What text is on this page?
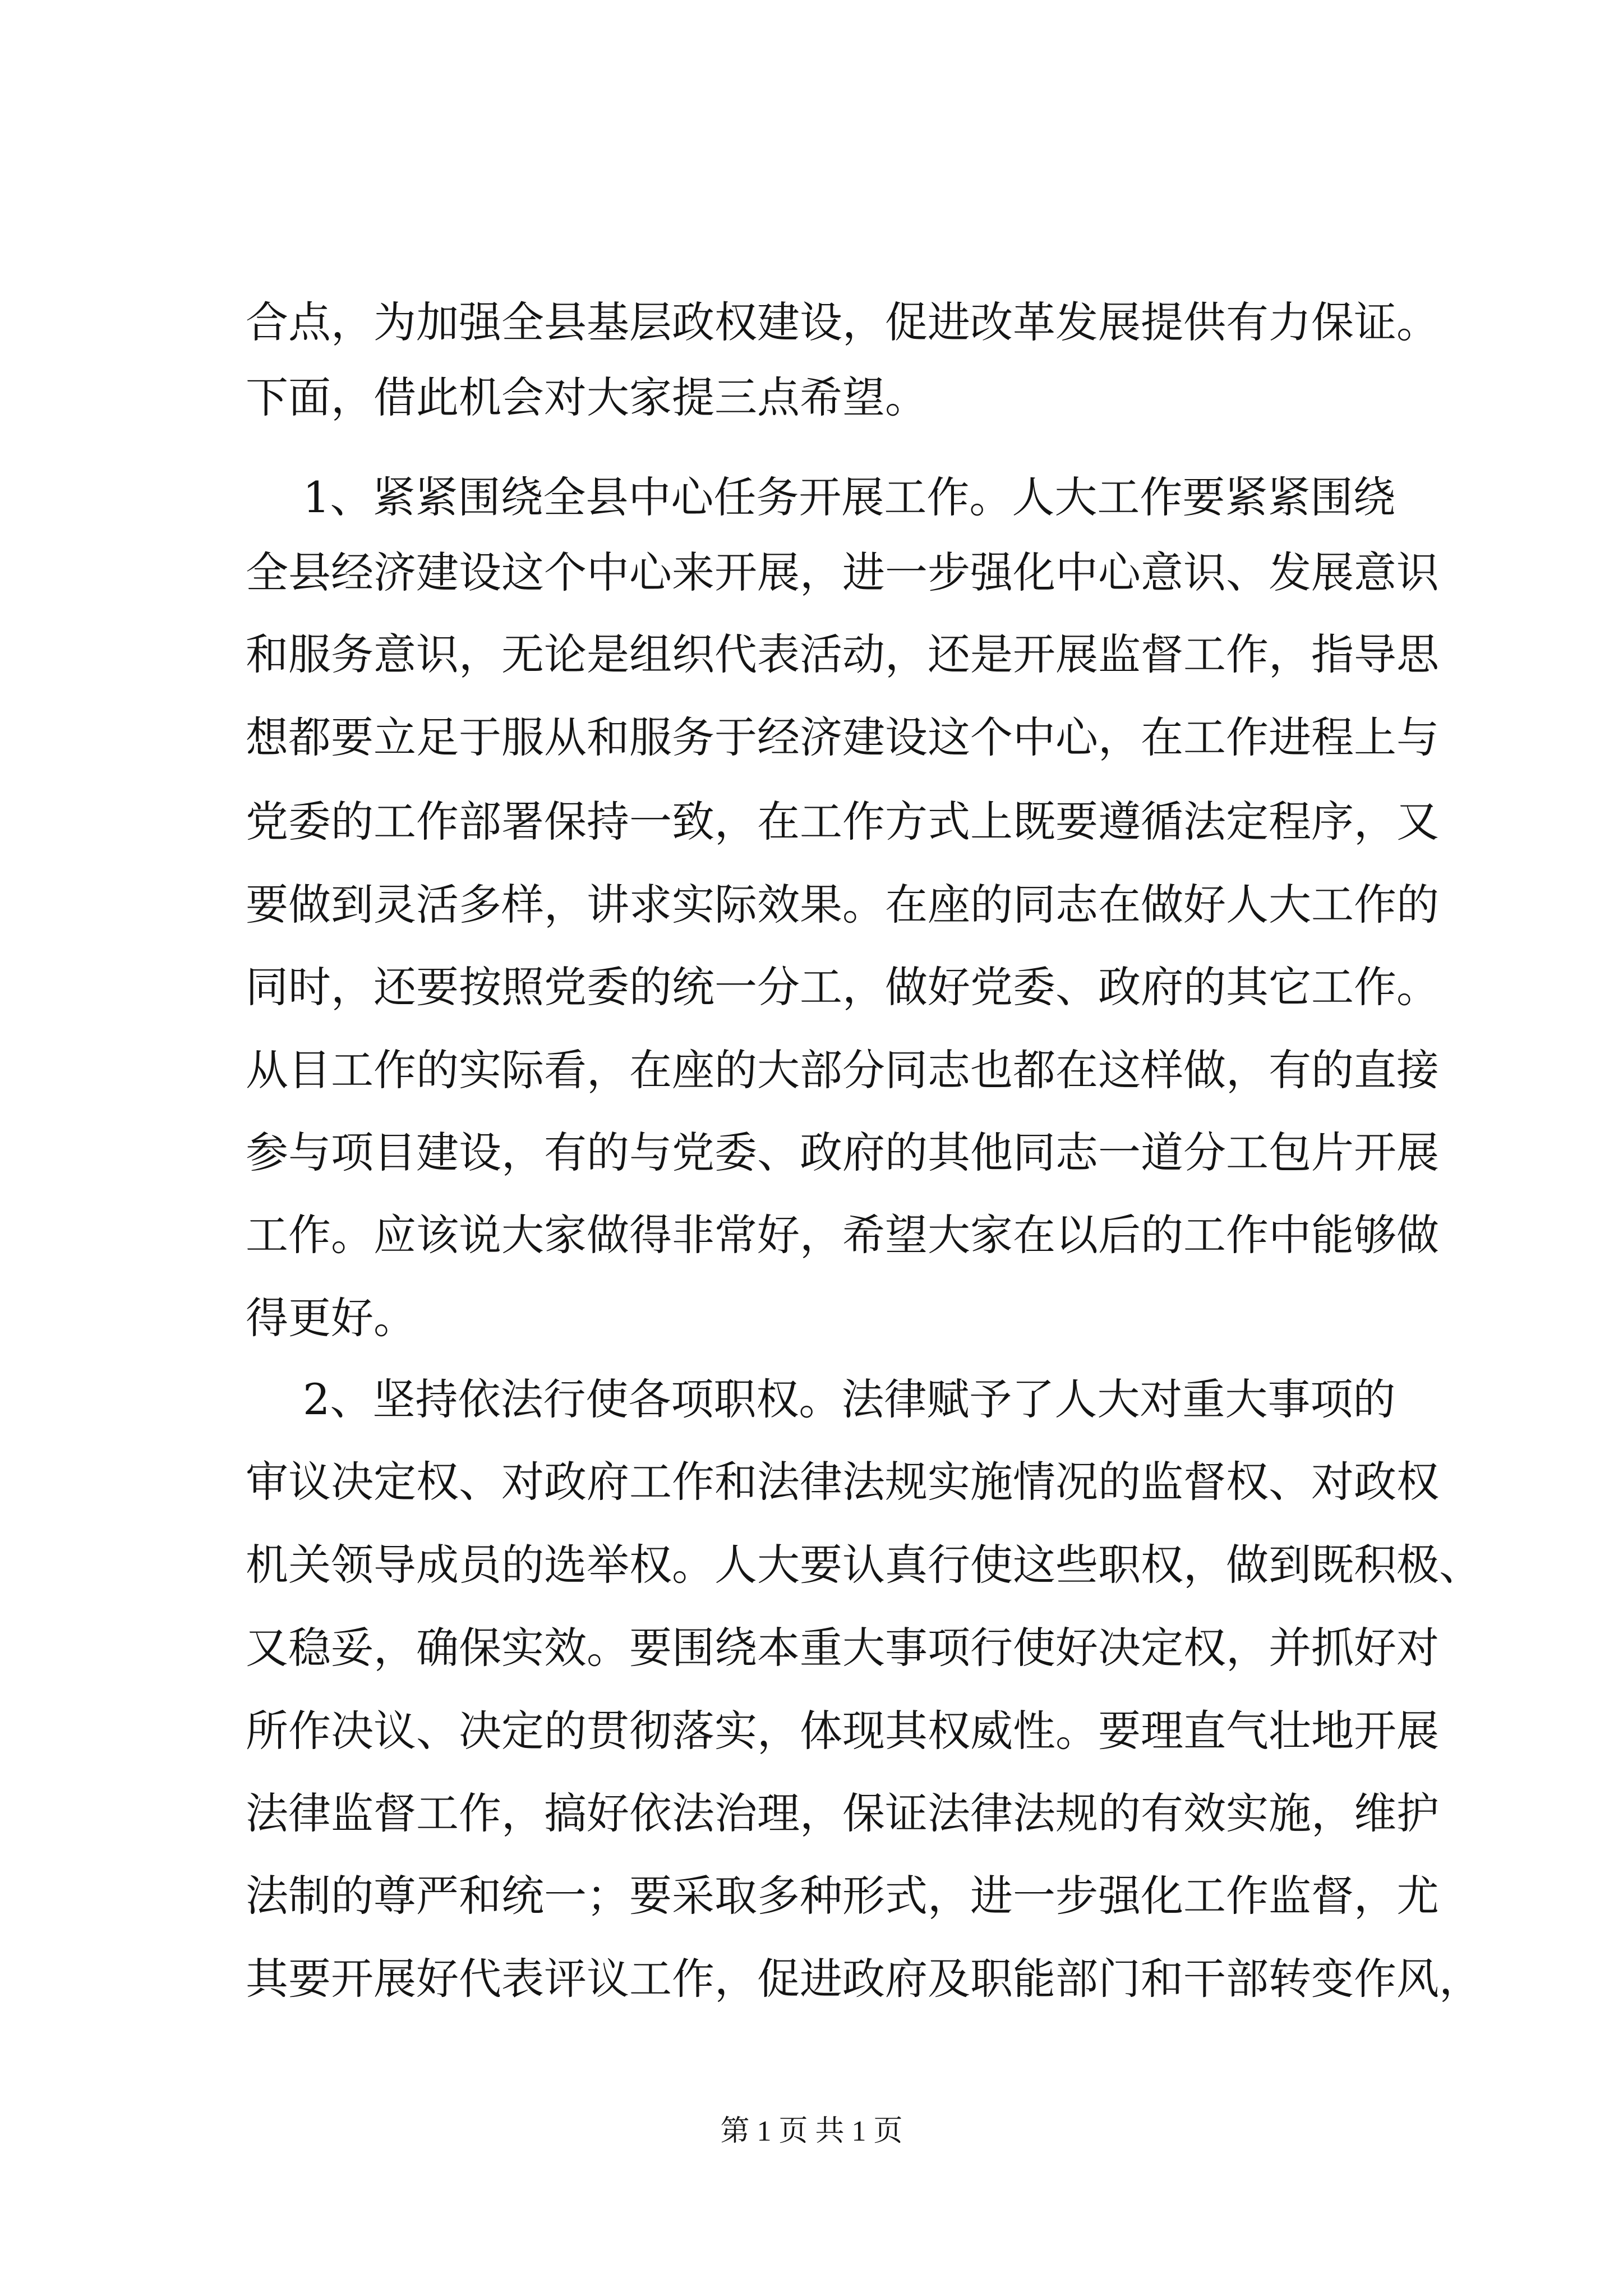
合点，为加强全县基层政权建设，促进改革发展提供有力保证。
下面，借此机会对大家提三点希望。
1、紧紧围绕全县中心任务开展工作。人大工作要紧紧围绕
全县经济建设这个中心来开展，进一步强化中心意识、发展意识
和服务意识，无论是组织代表活动，还是开展监督工作，指导思
想都要立足于服从和服务于经济建设这个中心，在工作进程上与
党委的工作部署保持一致，在工作方式上既要遵循法定程序，又
要做到灵活多样，讲求实际效果。在座的同志在做好人大工作的
同时，还要按照党委的统一分工，做好党委、政府的其它工作。
从目工作的实际看，在座的大部分同志也都在这样做，有的直接
参与项目建设，有的与党委、政府的其他同志一道分工包片开展
工作。应该说大家做得非常好，希望大家在以后的工作中能够做
得更好。
2、坚持依法行使各项职权。法律赋予了人大对重大事项的
审议决定权、对政府工作和法律法规实施情况的监督权、对政权
机关领导成员的选举权。人大要认真行使这些职权，做到既积极、
又稳妥，确保实效。要围绕本重大事项行使好决定权，并抓好对
所作决议、决定的贯彻落实，体现其权威性。要理直气壮地开展
法律监督工作，搞好依法治理，保证法律法规的有效实施，维护
法制的尊严和统一；要采取多种形式，进一步强化工作监督，尤
其要开展好代表评议工作，促进政府及职能部门和干部转变作风，
第 1 页 共 1 页
